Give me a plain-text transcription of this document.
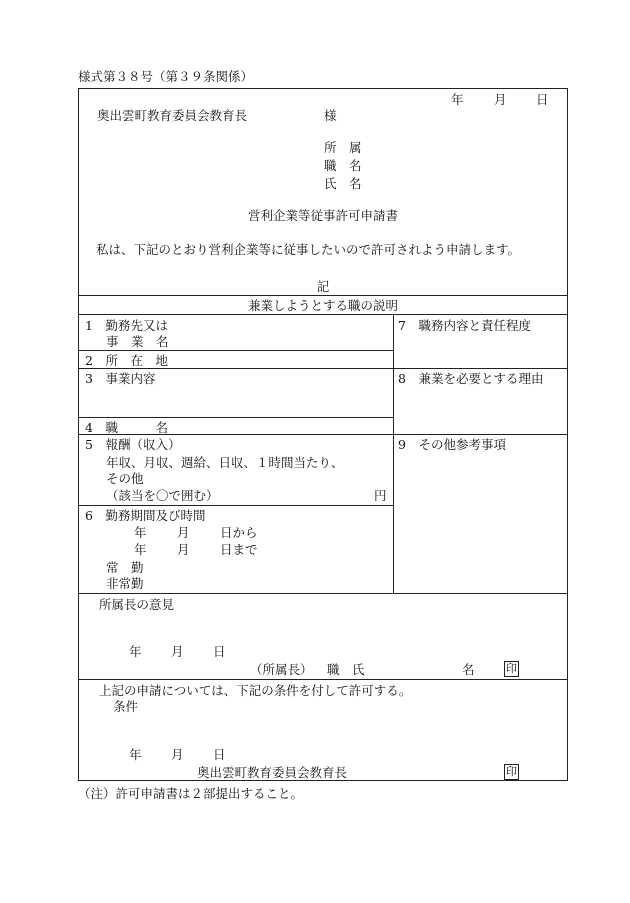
様式第３８号（第３９条関係）
年 月 日
奥出雲町教育委員会教育長	様
所　属
職　名
氏　名
営利企業等従事許可申請書
私は、下記のとおり営利企業等に従事したいので許可されよう申請します。
記
兼業しようとする職の説明
1　勤務先又は
事　業　名
2　所　在　地
3　事業内容
4　職　　　名
5　報酬（収入）
年収、月収、週給、日収、１時間当たり、
その他
（該当を〇で囲む）	円
6　勤務期間及び時間
年 月 日から
年 月 日まで
常　勤
非常勤
7　職務内容と責任程度
8　兼業を必要とする理由
9　その他参考事項
所属長の意見
年 月 日
（所属長） 職　氏	名	印
上記の申請については、下記の条件を付して許可する。
条件
年 月 日
奥出雲町教育委員会教育長	印
（注）許可申請書は２部提出すること。
